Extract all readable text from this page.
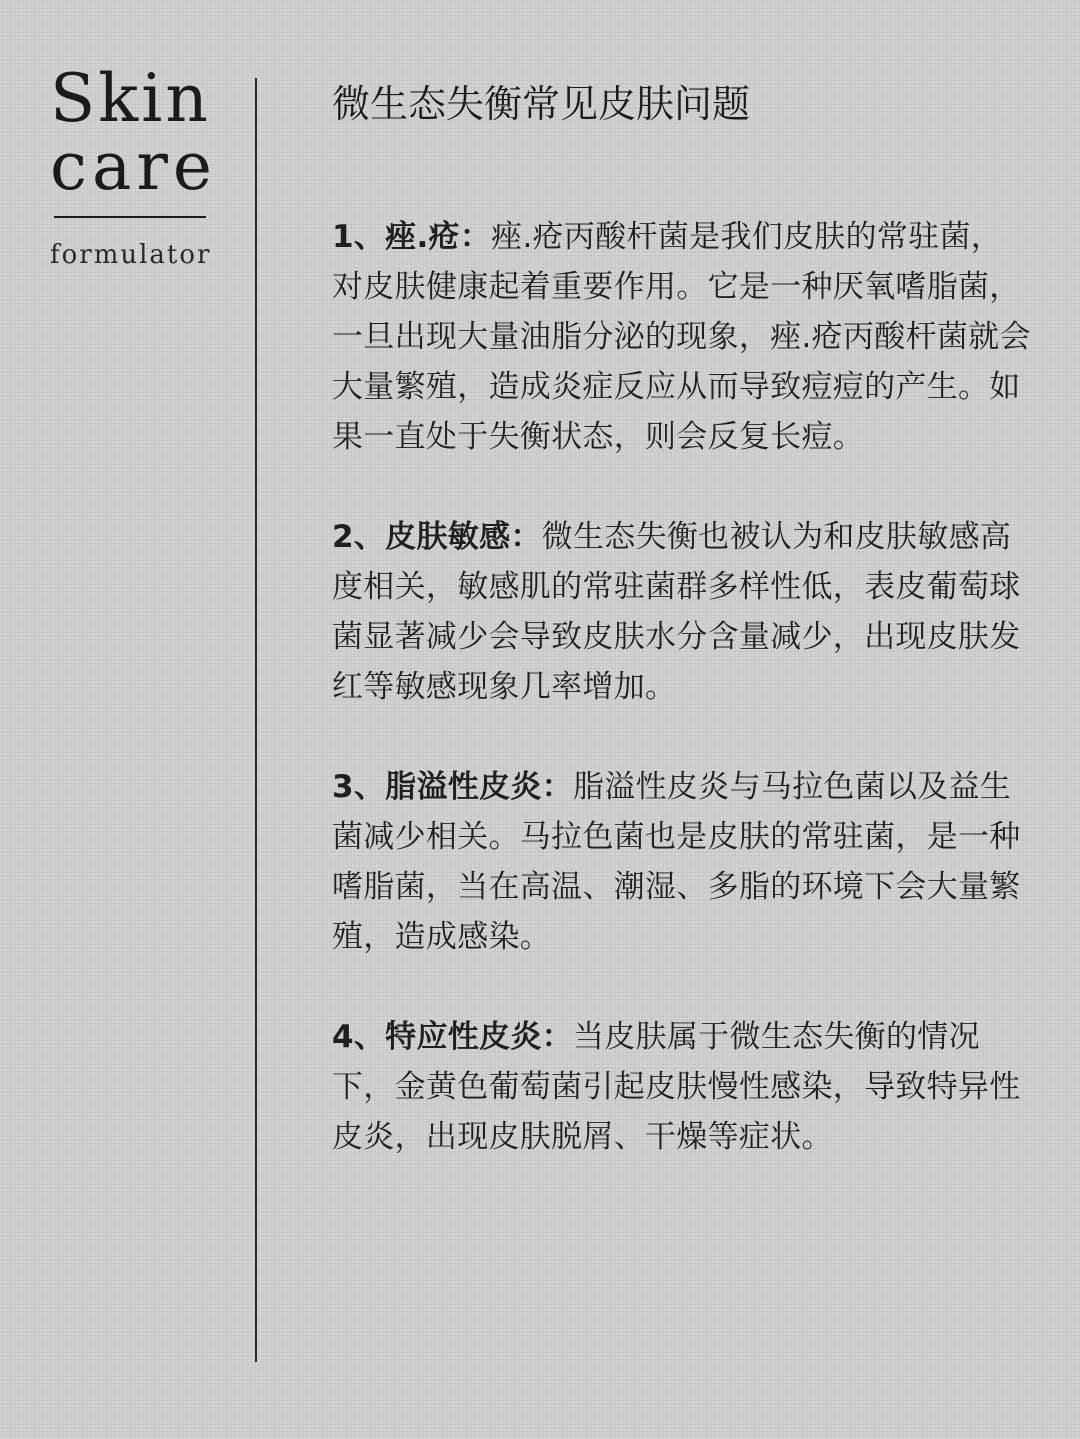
Skin
care
formulator
微生态失衡常见皮肤问题

1、痤.疮：痤.疮丙酸杆菌是我们皮肤的常驻菌，对皮肤健康起着重要作用。它是一种厌氧嗜脂菌，一旦出现大量油脂分泌的现象，痤.疮丙酸杆菌就会大量繁殖，造成炎症反应从而导致痘痘的产生。如果一直处于失衡状态，则会反复长痘。

2、皮肤敏感：微生态失衡也被认为和皮肤敏感高度相关，敏感肌的常驻菌群多样性低，表皮葡萄球菌显著减少会导致皮肤水分含量减少，出现皮肤发红等敏感现象几率增加。

3、脂溢性皮炎：脂溢性皮炎与马拉色菌以及益生菌减少相关。马拉色菌也是皮肤的常驻菌，是一种嗜脂菌，当在高温、潮湿、多脂的环境下会大量繁殖，造成感染。

4、特应性皮炎：当皮肤属于微生态失衡的情况下，金黄色葡萄菌引起皮肤慢性感染，导致特异性皮炎，出现皮肤脱屑、干燥等症状。
